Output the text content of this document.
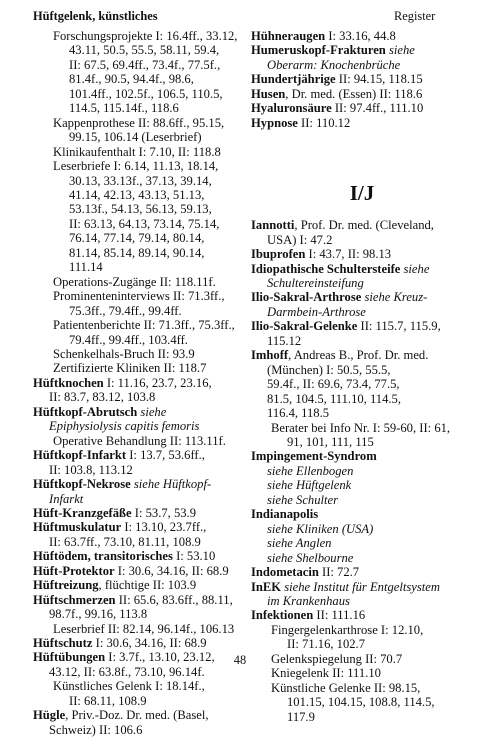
Hüftgelenk, künstliches	Register
Forschungsprojekte I: 16.4ff., 33.12,
43.11, 50.5, 55.5, 58.11, 59.4,
II: 67.5, 69.4ff., 73.4f., 77.5f.,
81.4f., 90.5, 94.4f., 98.6,
101.4ff., 102.5f., 106.5, 110.5,
114.5, 115.14f., 118.6
Kappenprothese II: 88.6ff., 95.15,
99.15, 106.14 (Leserbrief)
Klinikaufenthalt I: 7.10, II: 118.8
Leserbriefe I: 6.14, 11.13, 18.14,
30.13, 33.13f., 37.13, 39.14,
41.14, 42.13, 43.13, 51.13,
53.13f., 54.13, 56.13, 59.13,
II: 63.13, 64.13, 73.14, 75.14,
76.14, 77.14, 79.14, 80.14,
81.14, 85.14, 89.14, 90.14,
111.14
Operations-Zugänge II: 118.11f.
Prominenteninterviews II: 71.3ff.,
75.3ff., 79.4ff., 99.4ff.
Patientenberichte II: 71.3ff., 75.3ff.,
79.4ff., 99.4ff., 103.4ff.
Schenkelhals-Bruch II: 93.9
Zertifizierte Kliniken II: 118.7
Hüftknochen I: 11.16, 23.7, 23.16,
II: 83.7, 83.12, 103.8
Hüftkopf-Abrutsch siehe
Epiphysiolysis capitis femoris
Operative Behandlung II: 113.11f.
Hüftkopf-Infarkt I: 13.7, 53.6ff.,
II: 103.8, 113.12
Hüftkopf-Nekrose siehe Hüftkopf-
Infarkt
Hüft-Kranzgefäße I: 53.7, 53.9
Hüftmuskulatur I: 13.10, 23.7ff.,
II: 63.7ff., 73.10, 81.11, 108.9
Hüftödem, transitorisches I: 53.10
Hüft-Protektor I: 30.6, 34.16, II: 68.9
Hüftreizung, flüchtige II: 103.9
Hüftschmerzen II: 65.6, 83.6ff., 88.11,
98.7f., 99.16, 113.8
Leserbrief II: 82.14, 96.14f., 106.13
Hüftschutz I: 30.6, 34.16, II: 68.9
Hüftübungen I: 3.7f., 13.10, 23.12,
43.12, II: 63.8f., 73.10, 96.14f.
Künstliches Gelenk I: 18.14f.,
II: 68.11, 108.9
Hügle, Priv.-Doz. Dr. med. (Basel,
Schweiz) II: 106.6
Hühneraugen I: 33.16, 44.8
Humeruskopf-Frakturen siehe
Oberarm: Knochenbrüche
Hundertjährige II: 94.15, 118.15
Husen, Dr. med. (Essen) II: 118.6
Hyaluronsäure II: 97.4ff., 111.10
Hypnose II: 110.12
I/J
Iannotti, Prof. Dr. med. (Cleveland,
USA) I: 47.2
Ibuprofen I: 43.7, II: 98.13
Idiopathische Schultersteife siehe
Schultereinsteifung
Ilio-Sakral-Arthrose siehe Kreuz-
Darmbein-Arthrose
Ilio-Sakral-Gelenke II: 115.7, 115.9,
115.12
Imhoff, Andreas B., Prof. Dr. med.
(München) I: 50.5, 55.5,
59.4f., II: 69.6, 73.4, 77.5,
81.5, 104.5, 111.10, 114.5,
116.4, 118.5
Berater bei Info Nr. I: 59-60, II: 61,
91, 101, 111, 115
Impingement-Syndrom
siehe Ellenbogen
siehe Hüftgelenk
siehe Schulter
Indianapolis
siehe Kliniken (USA)
siehe Anglen
siehe Shelbourne
Indometacin II: 72.7
InEK siehe Institut für Entgeltsystem
im Krankenhaus
Infektionen II: 111.16
Fingergelenkarthrose I: 12.10,
II: 71.16, 102.7
Gelenkspiegelung II: 70.7
Kniegelenk II: 111.10
Künstliche Gelenke II: 98.15,
101.15, 104.15, 108.8, 114.5,
117.9
48
